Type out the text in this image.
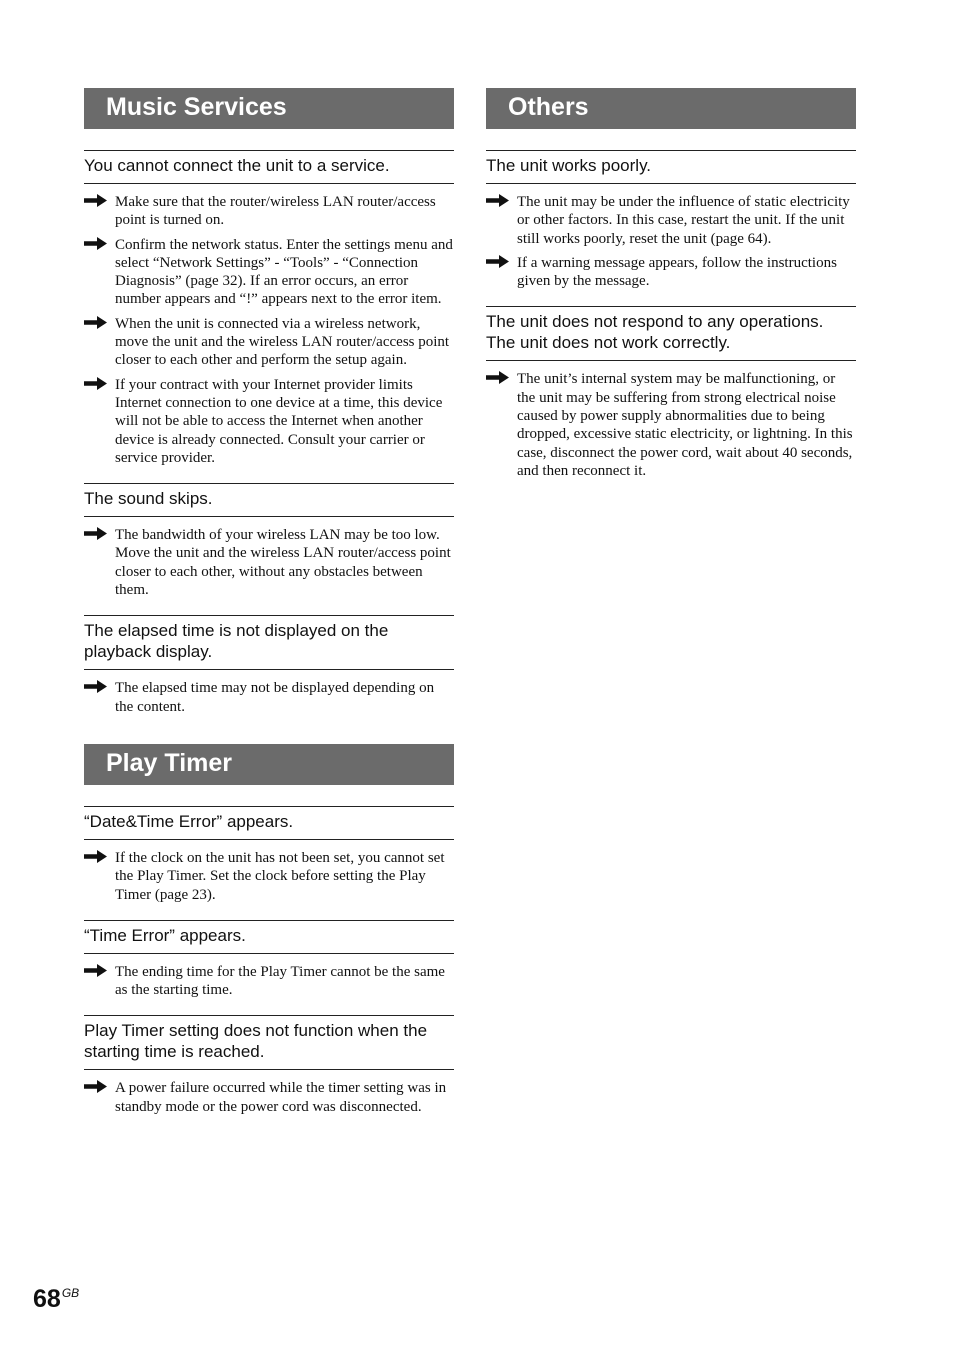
Music Services
You cannot connect the unit to a service.
Make sure that the router/wireless LAN router/access point is turned on.
Confirm the network status. Enter the settings menu and select “Network Settings” - “Tools” - “Connection Diagnosis” (page 32). If an error occurs, an error number appears and “!” appears next to the error item.
When the unit is connected via a wireless network, move the unit and the wireless LAN router/access point closer to each other and perform the setup again.
If your contract with your Internet provider limits Internet connection to one device at a time, this device will not be able to access the Internet when another device is already connected. Consult your carrier or service provider.
The sound skips.
The bandwidth of your wireless LAN may be too low. Move the unit and the wireless LAN router/access point closer to each other, without any obstacles between them.
The elapsed time is not displayed on the playback display.
The elapsed time may not be displayed depending on the content.
Play Timer
“Date&Time Error” appears.
If the clock on the unit has not been set, you cannot set the Play Timer. Set the clock before setting the Play Timer (page 23).
“Time Error” appears.
The ending time for the Play Timer cannot be the same as the starting time.
Play Timer setting does not function when the starting time is reached.
A power failure occurred while the timer setting was in standby mode or the power cord was disconnected.
Others
The unit works poorly.
The unit may be under the influence of static electricity or other factors. In this case, restart the unit. If the unit still works poorly, reset the unit (page 64).
If a warning message appears, follow the instructions given by the message.
The unit does not respond to any operations. The unit does not work correctly.
The unit’s internal system may be malfunctioning, or the unit may be suffering from strong electrical noise caused by power supply abnormalities due to being dropped, excessive static electricity, or lightning. In this case, disconnect the power cord, wait about 40 seconds, and then reconnect it.
$68^{GB}$
